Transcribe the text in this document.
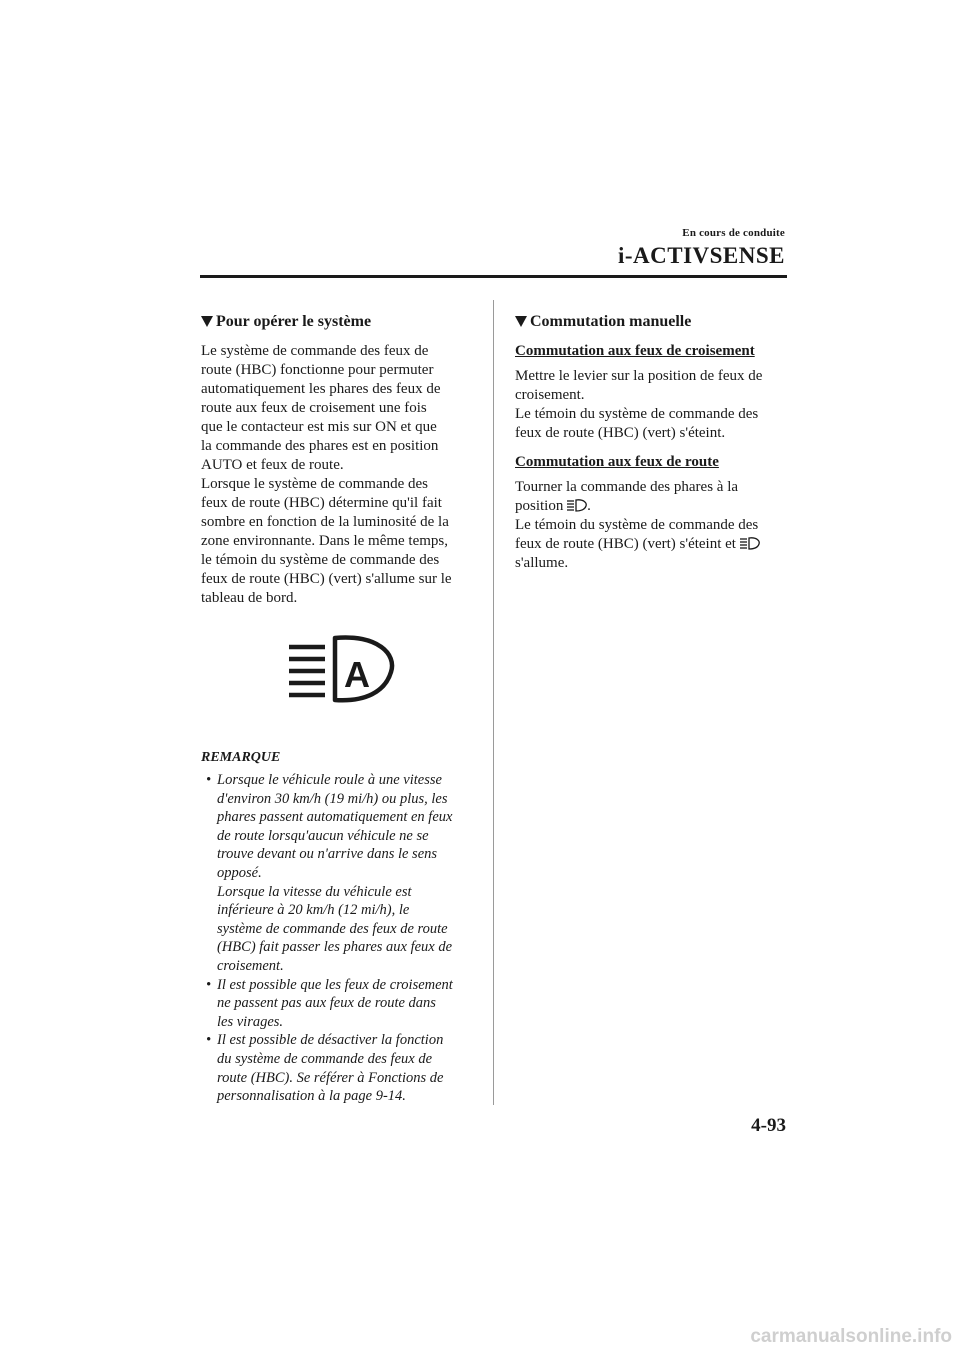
En cours de conduite
i-ACTIVSENSE
Pour opérer le système

Le système de commande des feux de
route (HBC) fonctionne pour permuter
automatiquement les phares des feux de
route aux feux de croisement une fois
que le contacteur est mis sur ON et que
la commande des phares est en position
AUTO et feux de route.
Lorsque le système de commande des
feux de route (HBC) détermine qu'il fait
sombre en fonction de la luminosité de la
zone environnante. Dans le même temps,
le témoin du système de commande des
feux de route (HBC) (vert) s'allume sur le
tableau de bord.

A
REMARQUE
• Lorsque le véhicule roule à une vitesse
d'environ 30 km/h (19 mi/h) ou plus, les
phares passent automatiquement en feux
de route lorsqu'aucun véhicule ne se
trouve devant ou n'arrive dans le sens
opposé.
Lorsque la vitesse du véhicule est
inférieure à 20 km/h (12 mi/h), le
système de commande des feux de route
(HBC) fait passer les phares aux feux de
croisement.
• Il est possible que les feux de croisement
ne passent pas aux feux de route dans
les virages.
• Il est possible de désactiver la fonction
du système de commande des feux de
route (HBC). Se référer à Fonctions de
personnalisation à la page 9-14.
Commutation manuelle
Commutation aux feux de croisement

Mettre le levier sur la position de feux de
croisement.
Le témoin du système de commande des
feux de route (HBC) (vert) s'éteint.

Commutation aux feux de route

Tourner la commande des phares à la
position .
Le témoin du système de commande des
feux de route (HBC) (vert) s'éteint et
s'allume.

4-93
carmanualsonline.info
